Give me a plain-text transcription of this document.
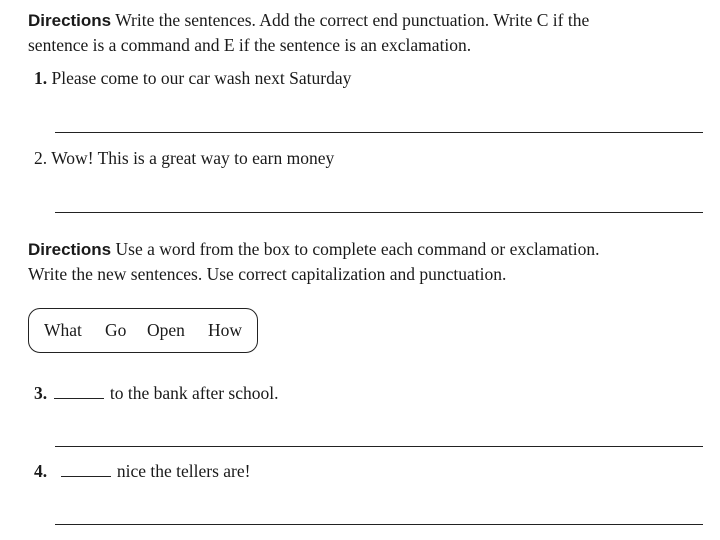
Directions Write the sentences. Add the correct end punctuation. Write C if the
sentence is a command and E if the sentence is an exclamation.
1. Please come to our car wash next Saturday
2. Wow! This is a great way to earn money
Directions Use a word from the box to complete each command or exclamation.
Write the new sentences. Use correct capitalization and punctuation.
What Go Open How
3.	to the bank after school.
4.	nice the tellers are!
